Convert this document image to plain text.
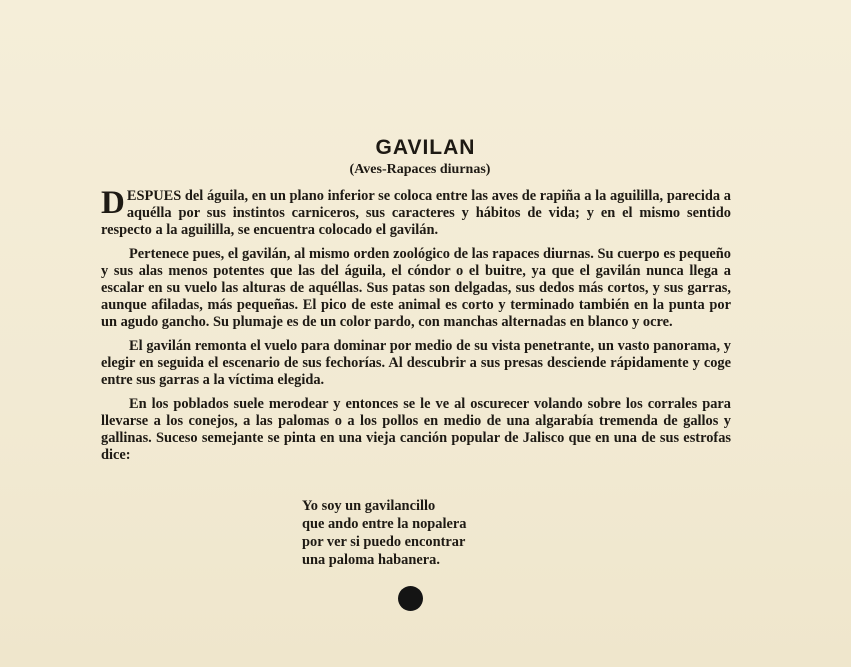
GAVILAN
(Aves-Rapaces diurnas)

DESPUES del águila, en un plano inferior se coloca entre las aves de rapiña a la aguililla, parecida a aquélla por sus instintos carniceros, sus caracteres y hábitos de vida; y en el mismo sentido respecto a la aguililla, se encuentra colocado el gavilán.

Pertenece pues, el gavilán, al mismo orden zoológico de las rapaces diurnas. Su cuerpo es pequeño y sus alas menos potentes que las del águila, el cóndor o el buitre, ya que el gavilán nunca llega a escalar en su vuelo las alturas de aquéllas. Sus patas son delgadas, sus dedos más cortos, y sus garras, aunque afiladas, más pequeñas. El pico de este animal es corto y terminado también en la punta por un agudo gancho. Su plumaje es de un color pardo, con manchas alternadas en blanco y ocre.

El gavilán remonta el vuelo para dominar por medio de su vista penetrante, un vasto panorama, y elegir en seguida el escenario de sus fechorías. Al descubrir a sus presas desciende rápidamente y coge entre sus garras a la víctima elegida.

En los poblados suele merodear y entonces se le ve al oscurecer volando sobre los corrales para llevarse a los conejos, a las palomas o a los pollos en medio de una algarabía tremenda de gallos y gallinas. Suceso semejante se pinta en una vieja canción popular de Jalisco que en una de sus estrofas dice:

Yo soy un gavilancillo
que ando entre la nopalera
por ver si puedo encontrar
una paloma habanera.
